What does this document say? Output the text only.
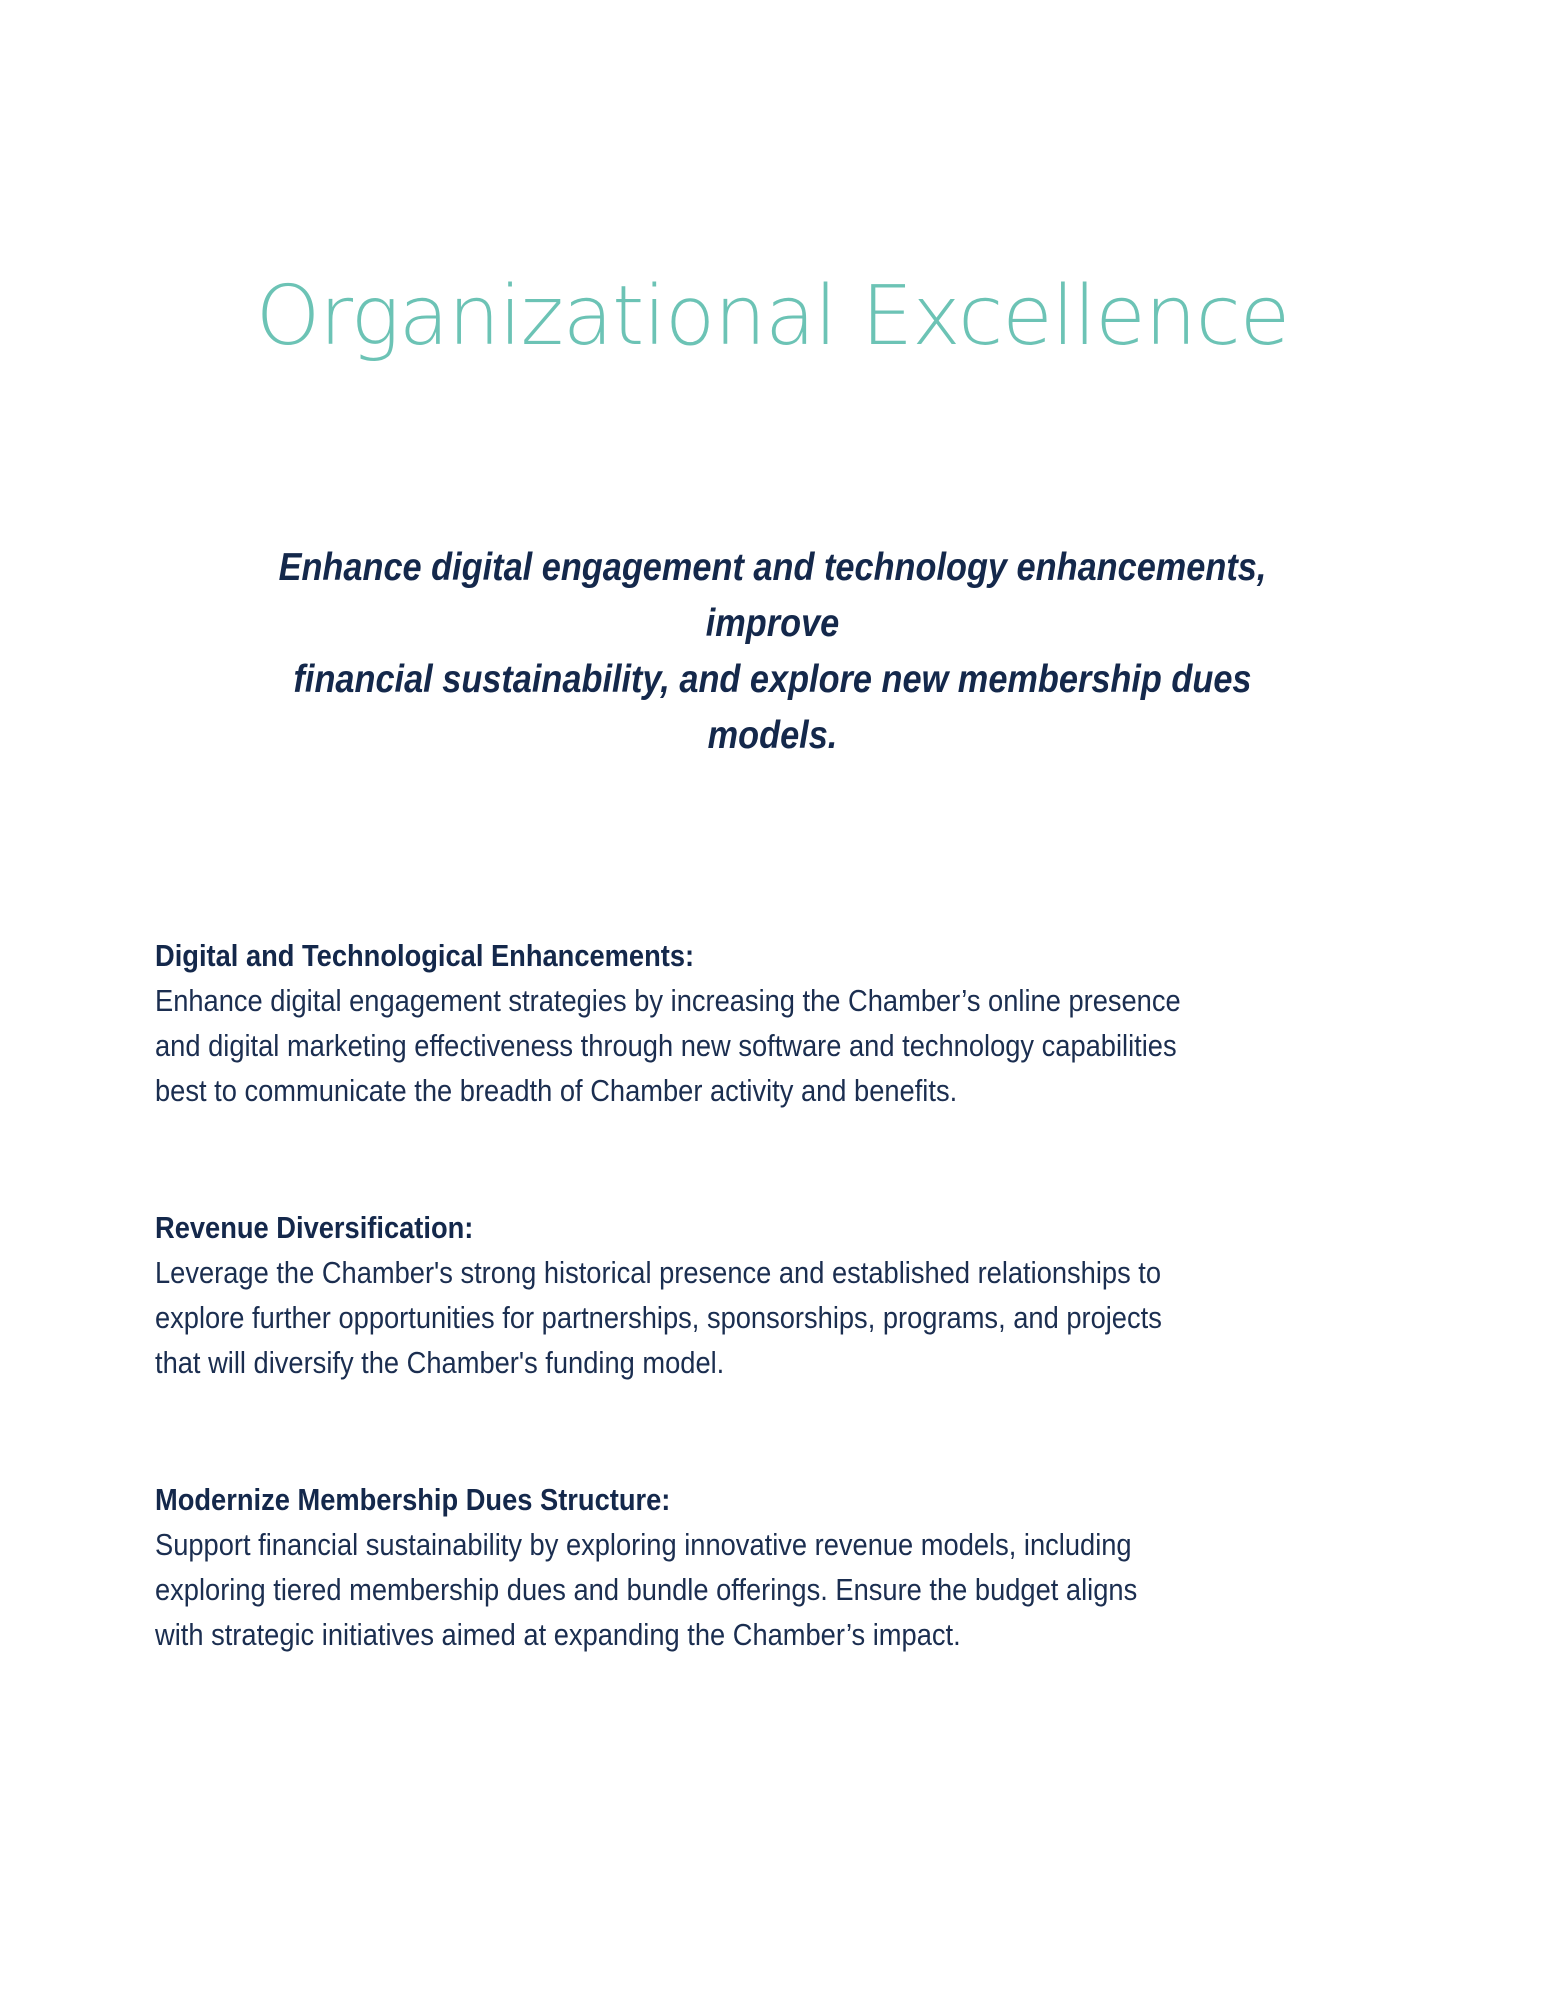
Organizational Excellence
Enhance digital engagement and technology enhancements, improve
financial sustainability, and explore new membership dues models.
Digital and Technological Enhancements:
Enhance digital engagement strategies by increasing the Chamber’s online presence
and digital marketing effectiveness through new software and technology capabilities
best to communicate the breadth of Chamber activity and benefits.
Revenue Diversification:
Leverage the Chamber's strong historical presence and established relationships to
explore further opportunities for partnerships, sponsorships, programs, and projects
that will diversify the Chamber's funding model.
Modernize Membership Dues Structure:
Support financial sustainability by exploring innovative revenue models, including
exploring tiered membership dues and bundle offerings. Ensure the budget aligns
with strategic initiatives aimed at expanding the Chamber’s impact.
